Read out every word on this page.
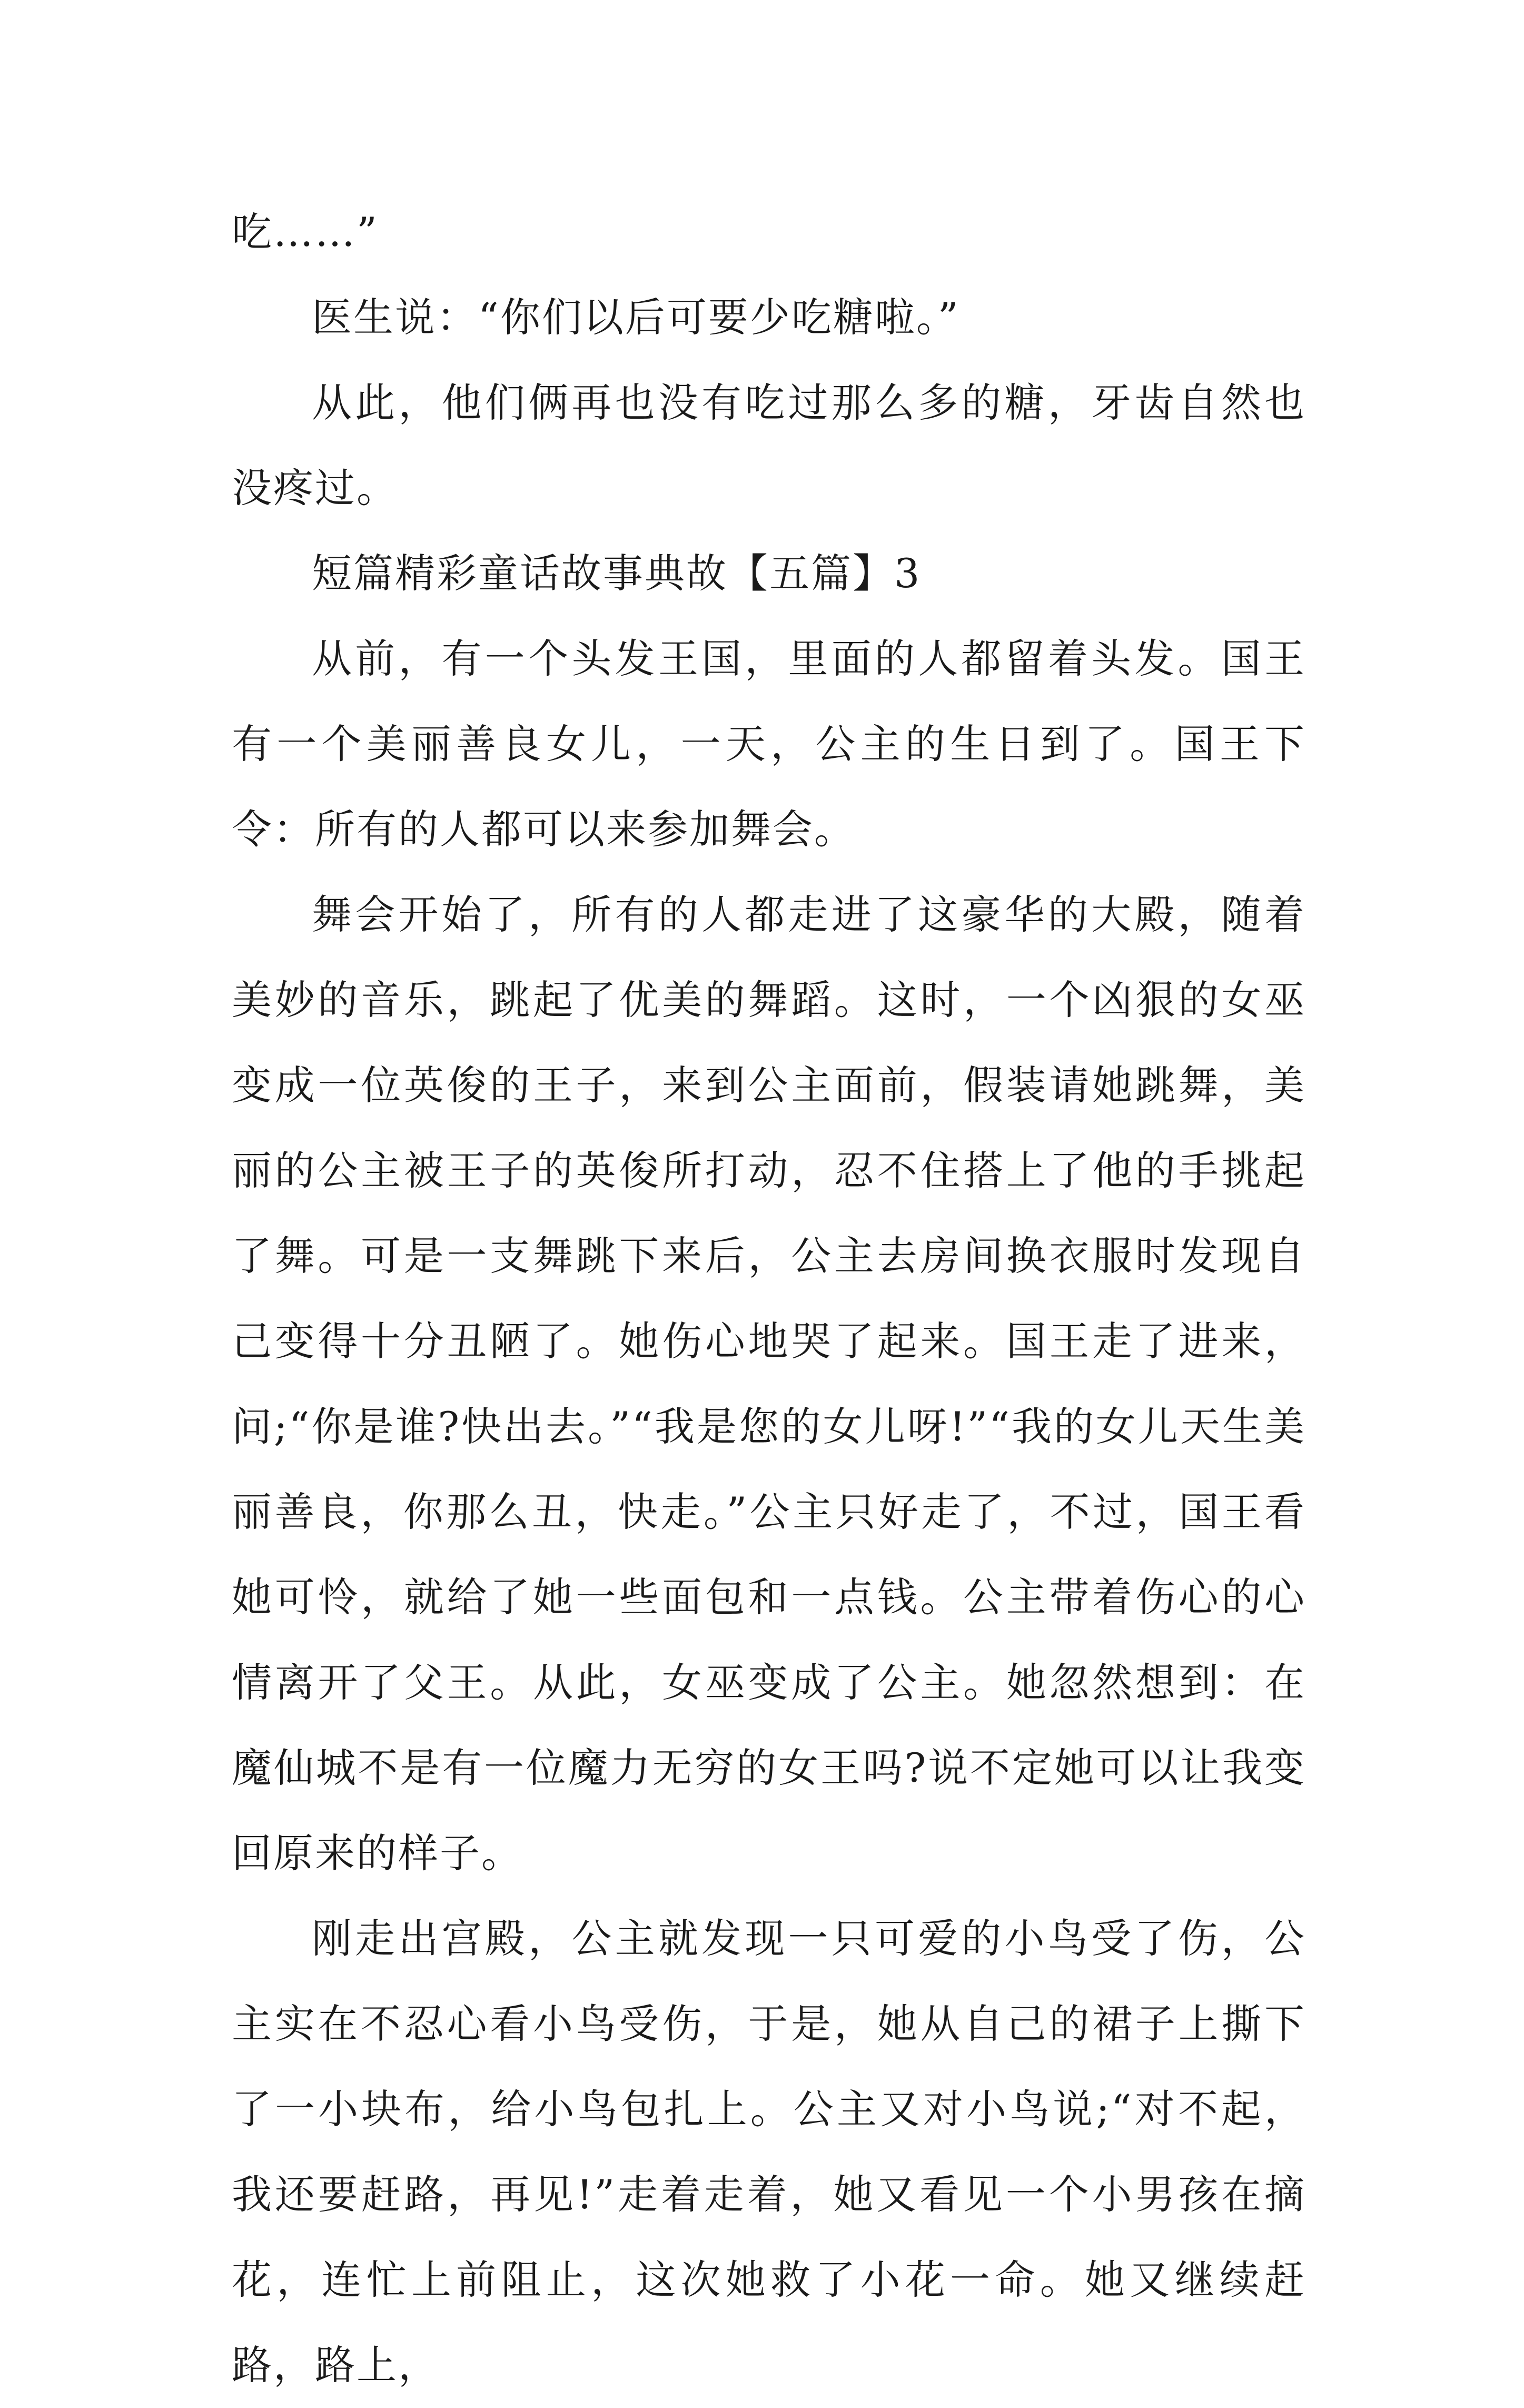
吃……”

医生说：“你们以后可要少吃糖啦。”

从此，他们俩再也没有吃过那么多的糖，牙齿自然也没疼过。

短篇精彩童话故事典故【五篇】3

从前，有一个头发王国，里面的人都留着头发。国王有一个美丽善良女儿，一天，公主的生日到了。国王下令：所有的人都可以来参加舞会。

舞会开始了，所有的人都走进了这豪华的大殿，随着美妙的音乐，跳起了优美的舞蹈。这时，一个凶狠的女巫变成一位英俊的王子，来到公主面前，假装请她跳舞，美丽的公主被王子的英俊所打动，忍不住搭上了他的手挑起了舞。可是一支舞跳下来后，公主去房间换衣服时发现自己变得十分丑陋了。她伤心地哭了起来。国王走了进来，问;“你是谁?快出去。”“我是您的女儿呀!”“我的女儿天生美丽善良，你那么丑，快走。”公主只好走了，不过，国王看她可怜，就给了她一些面包和一点钱。公主带着伤心的心情离开了父王。从此，女巫变成了公主。她忽然想到：在魔仙城不是有一位魔力无穷的女王吗?说不定她可以让我变回原来的样子。

刚走出宫殿，公主就发现一只可爱的小鸟受了伤，公主实在不忍心看小鸟受伤，于是，她从自己的裙子上撕下了一小块布，给小鸟包扎上。公主又对小鸟说;“对不起，我还要赶路，再见!”走着走着，她又看见一个小男孩在摘花，连忙上前阻止，这次她救了小花一命。她又继续赶路，路上，
